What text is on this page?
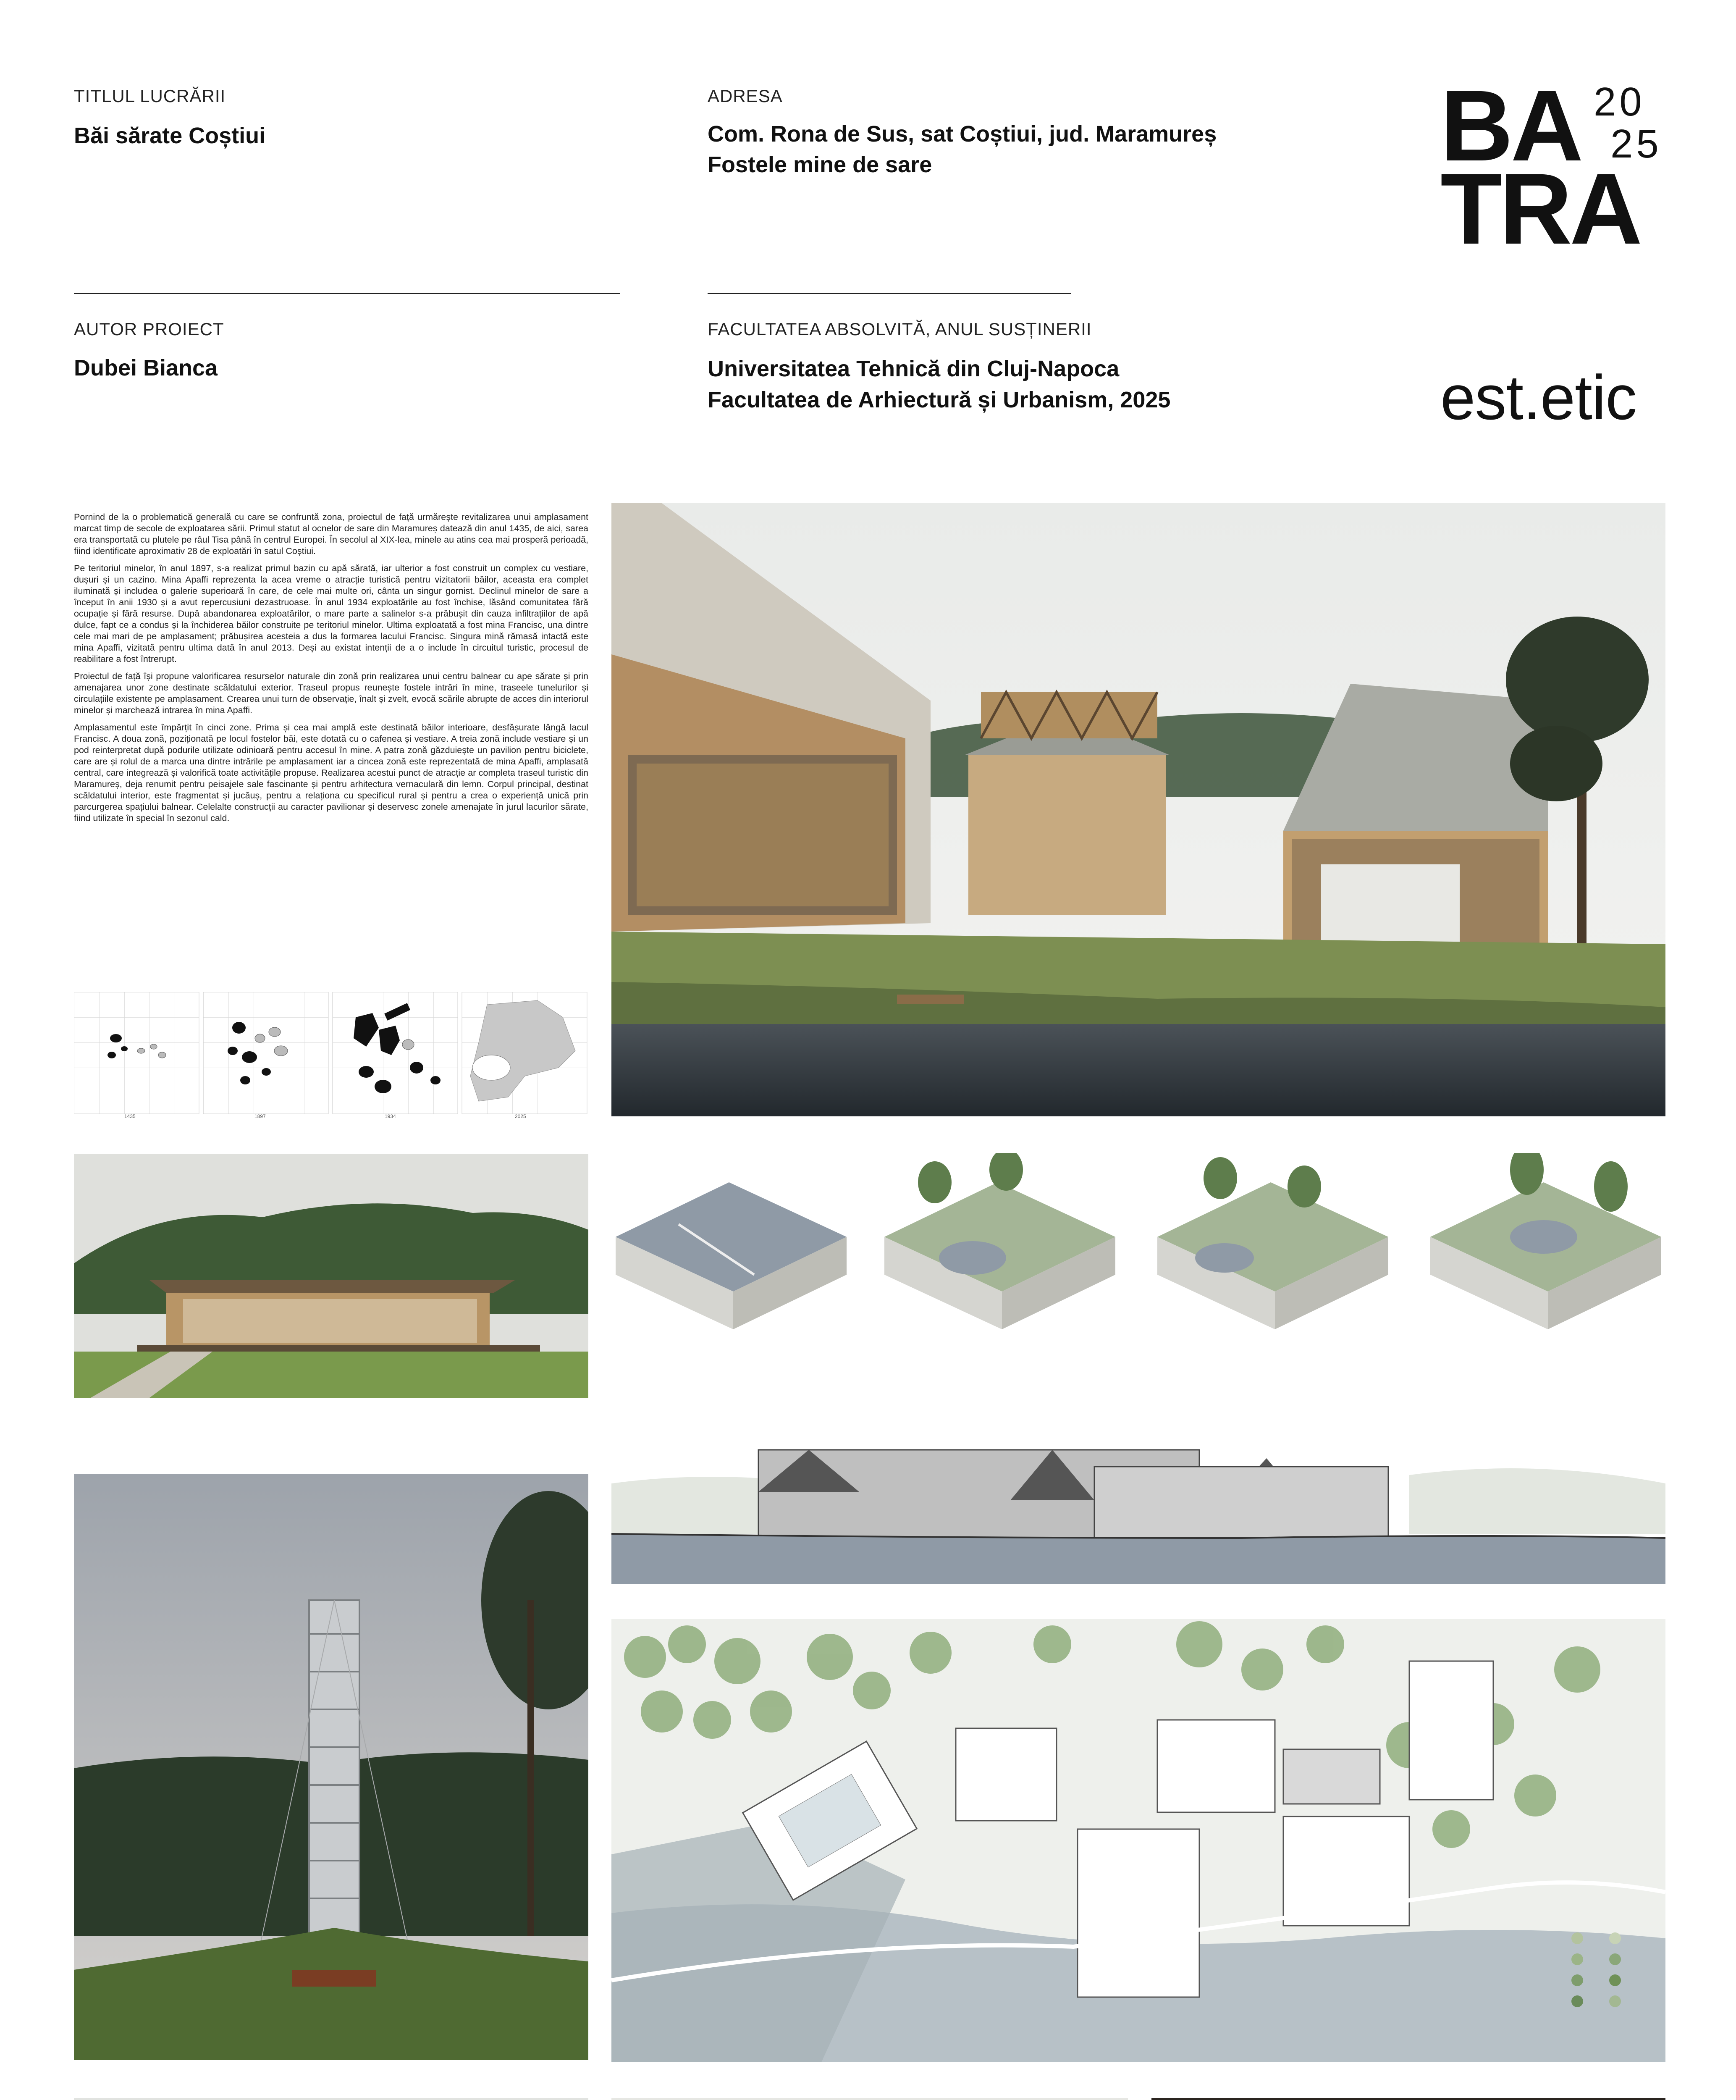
TITLUL LUCRĂRII
Băi sărate Coștiui
AUTOR PROIECT
Dubei Bianca
ADRESA
Com. Rona de Sus, sat Coștiui, jud. Maramureș
Fostele mine de sare
FACULTATEA ABSOLVITĂ, ANUL SUSȚINERII
Universitatea Tehnică din Cluj-Napoca
Facultatea de Arhiectură și Urbanism, 2025
BA 20
25
TRA
est.etic

Pornind de la o problematică generală cu care se confruntă zona, proiectul de față urmărește revitalizarea unui amplasament marcat timp de secole de exploatarea sării. Primul statut al ocnelor de sare din Maramureș datează din anul 1435, de aici, sarea era transportată cu plutele pe râul Tisa până în centrul Europei. În secolul al XIX-lea, minele au atins cea mai prosperă perioadă, fiind identificate aproximativ 28 de exploatări în satul Coștiui.

Pe teritoriul minelor, în anul 1897, s-a realizat primul bazin cu apă sărată, iar ulterior a fost construit un complex cu vestiare, dușuri și un cazino. Mina Apaffi reprezenta la acea vreme o atracție turistică pentru vizitatorii băilor, aceasta era complet iluminată și includea o galerie superioară în care, de cele mai multe ori, cânta un singur gornist. Declinul minelor de sare a început în anii 1930 și a avut repercusiuni dezastruoase. În anul 1934 exploatările au fost închise, lăsând comunitatea fără ocupație și fără resurse. După abandonarea exploatărilor, o mare parte a salinelor s-a prăbușit din cauza infiltrațiilor de apă dulce, fapt ce a condus și la închiderea băilor construite pe teritoriul minelor. Ultima exploatată a fost mina Francisc, una dintre cele mai mari de pe amplasament; prăbușirea acesteia a dus la formarea lacului Francisc. Singura mină rămasă intactă este mina Apaffi, vizitată pentru ultima dată în anul 2013. Deși au existat intenții de a o include în circuitul turistic, procesul de reabilitare a fost întrerupt.

Proiectul de față își propune valorificarea resurselor naturale din zonă prin realizarea unui centru balnear cu ape sărate și prin amenajarea unor zone destinate scăldatului exterior. Traseul propus reunește fostele intrări în mine, traseele tunelurilor și circulațiile existente pe amplasament. Crearea unui turn de observație, înalt și zvelt, evocă scările abrupte de acces din interiorul minelor și marchează intrarea în mina Apaffi.

Amplasamentul este împărțit în cinci zone. Prima și cea mai amplă este destinată băilor interioare, desfășurate lângă lacul Francisc. A doua zonă, poziționată pe locul fostelor băi, este dotată cu o cafenea și vestiare. A treia zonă include vestiare și un pod reinterpretat după podurile utilizate odinioară pentru accesul în mine. A patra zonă găzduiește un pavilion pentru biciclete, care are și rolul de a marca una dintre intrările pe amplasament iar a cincea zonă este reprezentată de mina Apaffi, amplasată central, care integrează și valorifică toate activitățile propuse. Realizarea acestui punct de atracție ar completa traseul turistic din Maramureș, deja renumit pentru peisajele sale fascinante și pentru arhitectura vernaculară din lemn. Corpul principal, destinat scăldatului interior, este fragmentat și jucăuș, pentru a relaționa cu specificul rural și pentru a crea o experiență unică prin parcurgerea spațiului balnear. Celelalte construcții au caracter pavilionar și deservesc zonele amenajate în jurul lacurilor sărate, fiind utilizate în special în sezonul cald.

1435	1897	1934	2025
